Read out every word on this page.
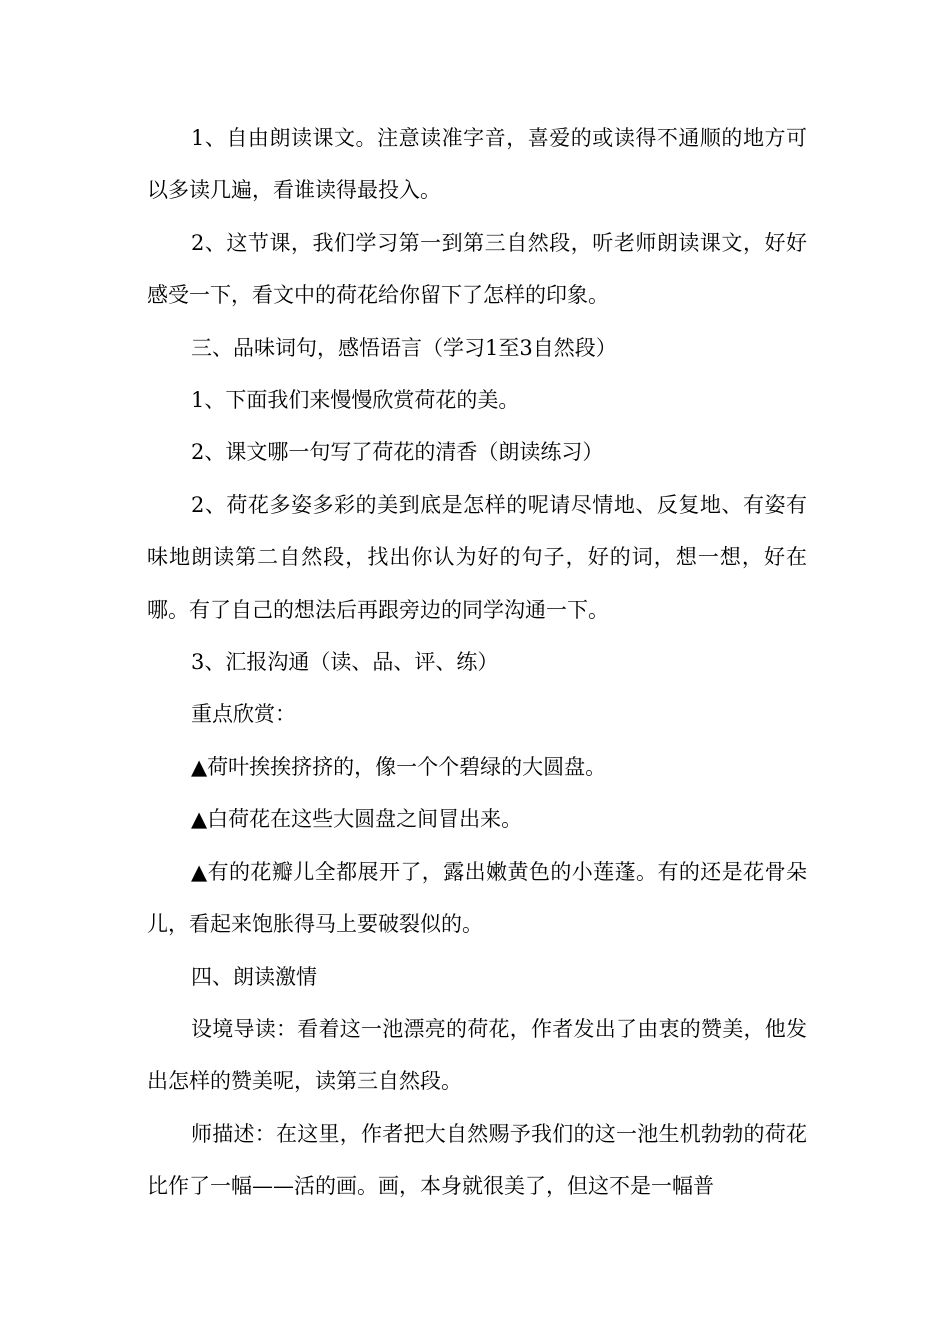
1、自由朗读课文。注意读准字音，喜爱的或读得不通顺的地方可以多读几遍，看谁读得最投入。

2、这节课，我们学习第一到第三自然段，听老师朗读课文，好好感受一下，看文中的荷花给你留下了怎样的印象。

三、品味词句，感悟语言（学习1至3自然段）

1、下面我们来慢慢欣赏荷花的美。

2、课文哪一句写了荷花的清香（朗读练习）

2、荷花多姿多彩的美到底是怎样的呢请尽情地、反复地、有姿有味地朗读第二自然段，找出你认为好的句子，好的词，想一想，好在哪。有了自己的想法后再跟旁边的同学沟通一下。

3、汇报沟通（读、品、评、练）

重点欣赏：

▲荷叶挨挨挤挤的，像一个个碧绿的大圆盘。

▲白荷花在这些大圆盘之间冒出来。

▲有的花瓣儿全都展开了，露出嫩黄色的小莲蓬。有的还是花骨朵儿，看起来饱胀得马上要破裂似的。

四、朗读激情

设境导读：看着这一池漂亮的荷花，作者发出了由衷的赞美，他发出怎样的赞美呢，读第三自然段。

师描述：在这里，作者把大自然赐予我们的这一池生机勃勃的荷花比作了一幅——活的画。画，本身就很美了，但这不是一幅普
